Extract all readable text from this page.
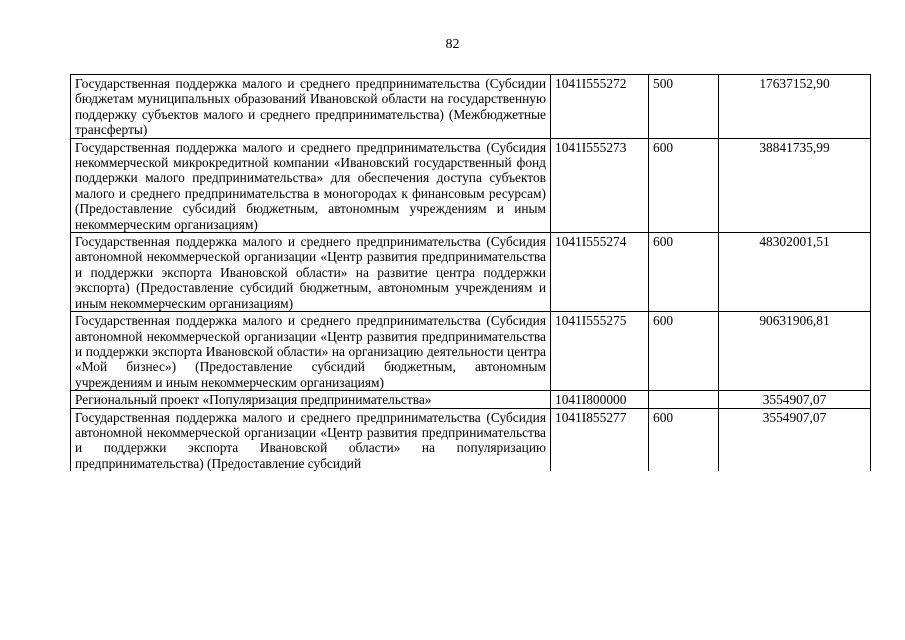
82
Государственная поддержка малого и среднего предпринимательства (Субсидии бюджетам муниципальных образований Ивановской области на государственную поддержку субъектов малого и среднего предпринимательства) (Межбюджетные трансферты)	1041I555272	500	17637152,90
Государственная поддержка малого и среднего предпринимательства (Субсидия некоммерческой микрокредитной компании «Ивановский государственный фонд поддержки малого предпринимательства» для обеспечения доступа субъектов малого и среднего предпринимательства в моногородах к финансовым ресурсам) (Предоставление субсидий бюджетным, автономным учреждениям и иным некоммерческим организациям)	1041I555273	600	38841735,99
Государственная поддержка малого и среднего предпринимательства (Субсидия автономной некоммерческой организации «Центр развития предпринимательства и поддержки экспорта Ивановской области» на развитие центра поддержки экспорта) (Предоставление субсидий бюджетным, автономным учреждениям и иным некоммерческим организациям)	1041I555274	600	48302001,51
Государственная поддержка малого и среднего предпринимательства (Субсидия автономной некоммерческой организации «Центр развития предпринимательства и поддержки экспорта Ивановской области» на организацию деятельности центра «Мой бизнес») (Предоставление субсидий бюджетным, автономным учреждениям и иным некоммерческим организациям)	1041I555275	600	90631906,81
Региональный проект «Популяризация предпринимательства»	1041I800000		3554907,07
Государственная поддержка малого и среднего предпринимательства (Субсидия автономной некоммерческой организации «Центр развития предпринимательства и поддержки экспорта Ивановской области» на популяризацию предпринимательства) (Предоставление субсидий	1041I855277	600	3554907,07
